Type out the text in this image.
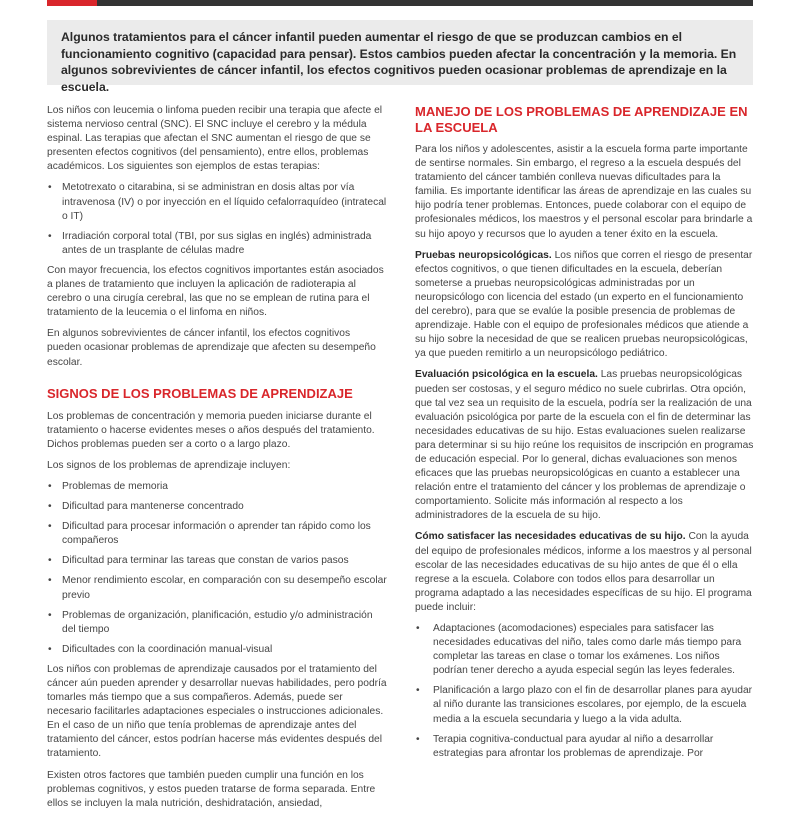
Algunos tratamientos para el cáncer infantil pueden aumentar el riesgo de que se produzcan cambios en el funcionamiento cognitivo (capacidad para pensar). Estos cambios pueden afectar la concentración y la memoria. En algunos sobrevivientes de cáncer infantil, los efectos cognitivos pueden ocasionar problemas de aprendizaje en la escuela.

Los niños con leucemia o linfoma pueden recibir una terapia que afecte el sistema nervioso central (SNC). El SNC incluye el cerebro y la médula espinal. Las terapias que afectan el SNC aumentan el riesgo de que se presenten efectos cognitivos (del pensamiento), entre ellos, problemas académicos. Los siguientes son ejemplos de estas terapias:

• Metotrexato o citarabina, si se administran en dosis altas por vía intravenosa (IV) o por inyección en el líquido cefalorraquídeo (intratecal o IT)
• Irradiación corporal total (TBI, por sus siglas en inglés) administrada antes de un trasplante de células madre

Con mayor frecuencia, los efectos cognitivos importantes están asociados a planes de tratamiento que incluyen la aplicación de radioterapia al cerebro o una cirugía cerebral, las que no se emplean de rutina para el tratamiento de la leucemia o el linfoma en niños.

En algunos sobrevivientes de cáncer infantil, los efectos cognitivos pueden ocasionar problemas de aprendizaje que afecten su desempeño escolar.

SIGNOS DE LOS PROBLEMAS DE APRENDIZAJE

Los problemas de concentración y memoria pueden iniciarse durante el tratamiento o hacerse evidentes meses o años después del tratamiento. Dichos problemas pueden ser a corto o a largo plazo.

Los signos de los problemas de aprendizaje incluyen:

• Problemas de memoria
• Dificultad para mantenerse concentrado
• Dificultad para procesar información o aprender tan rápido como los compañeros
• Dificultad para terminar las tareas que constan de varios pasos
• Menor rendimiento escolar, en comparación con su desempeño escolar previo
• Problemas de organización, planificación, estudio y/o administración del tiempo
• Dificultades con la coordinación manual-visual

Los niños con problemas de aprendizaje causados por el tratamiento del cáncer aún pueden aprender y desarrollar nuevas habilidades, pero podría tomarles más tiempo que a sus compañeros. Además, puede ser necesario facilitarles adaptaciones especiales o instrucciones adicionales. En el caso de un niño que tenía problemas de aprendizaje antes del tratamiento del cáncer, estos podrían hacerse más evidentes después del tratamiento.

Existen otros factores que también pueden cumplir una función en los problemas cognitivos, y estos pueden tratarse de forma separada. Entre ellos se incluyen la mala nutrición, deshidratación, ansiedad,

MANEJO DE LOS PROBLEMAS DE APRENDIZAJE EN LA ESCUELA

Para los niños y adolescentes, asistir a la escuela forma parte importante de sentirse normales. Sin embargo, el regreso a la escuela después del tratamiento del cáncer también conlleva nuevas dificultades para la familia. Es importante identificar las áreas de aprendizaje en las cuales su hijo podría tener problemas. Entonces, puede colaborar con el equipo de profesionales médicos, los maestros y el personal escolar para brindarle a su hijo apoyo y recursos que lo ayuden a tener éxito en la escuela.

Pruebas neuropsicológicas. Los niños que corren el riesgo de presentar efectos cognitivos, o que tienen dificultades en la escuela, deberían someterse a pruebas neuropsicológicas administradas por un neuropsicólogo con licencia del estado (un experto en el funcionamiento del cerebro), para que se evalúe la posible presencia de problemas de aprendizaje. Hable con el equipo de profesionales médicos que atiende a su hijo sobre la necesidad de que se realicen pruebas neuropsicológicas, ya que pueden remitirlo a un neuropsicólogo pediátrico.

Evaluación psicológica en la escuela. Las pruebas neuropsicológicas pueden ser costosas, y el seguro médico no suele cubrirlas. Otra opción, que tal vez sea un requisito de la escuela, podría ser la realización de una evaluación psicológica por parte de la escuela con el fin de determinar las necesidades educativas de su hijo. Estas evaluaciones suelen realizarse para determinar si su hijo reúne los requisitos de inscripción en programas de educación especial. Por lo general, dichas evaluaciones son menos eficaces que las pruebas neuropsicológicas en cuanto a establecer una relación entre el tratamiento del cáncer y los problemas de aprendizaje o comportamiento. Solicite más información al respecto a los administradores de la escuela de su hijo.

Cómo satisfacer las necesidades educativas de su hijo. Con la ayuda del equipo de profesionales médicos, informe a los maestros y al personal escolar de las necesidades educativas de su hijo antes de que él o ella regrese a la escuela. Colabore con todos ellos para desarrollar un programa adaptado a las necesidades específicas de su hijo. El programa puede incluir:

• Adaptaciones (acomodaciones) especiales para satisfacer las necesidades educativas del niño, tales como darle más tiempo para completar las tareas en clase o tomar los exámenes. Los niños podrían tener derecho a ayuda especial según las leyes federales.
• Planificación a largo plazo con el fin de desarrollar planes para ayudar al niño durante las transiciones escolares, por ejemplo, de la escuela media a la escuela secundaria y luego a la vida adulta.
• Terapia cognitiva-conductual para ayudar al niño a desarrollar estrategias para afrontar los problemas de aprendizaje. Por
